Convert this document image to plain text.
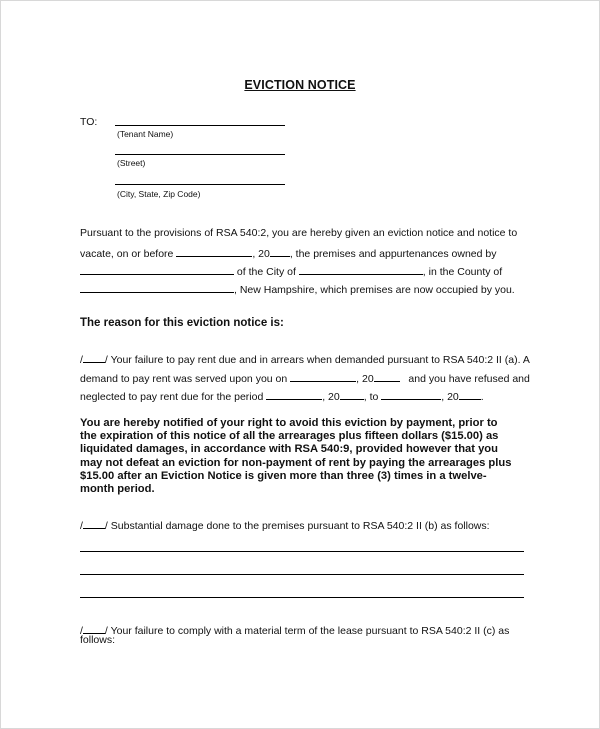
EVICTION NOTICE
TO:
(Tenant Name)
(Street)
(City, State, Zip Code)
Pursuant to the provisions of RSA 540:2, you are hereby given an eviction notice and notice to
vacate, on or before	, 20 , the premises and appurtenances owned by
of the City of	, in the County of
, New Hampshire, which premises are now occupied by you.
The reason for this eviction notice is:
/ / Your failure to pay rent due and in arrears when demanded pursuant to RSA 540:2 II (a). A
demand to pay rent was served upon you on	, 20	and you have refused and
neglected to pay rent due for the period	, 20 , to	, 20 .
You are hereby notified of your right to avoid this eviction by payment, prior to
the expiration of this notice of all the arrearages plus fifteen dollars ($15.00) as
liquidated damages, in accordance with RSA 540:9, provided however that you
may not defeat an eviction for non-payment of rent by paying the arrearages plus
$15.00 after an Eviction Notice is given more than three (3) times in a twelve-
month period.
/ / Substantial damage done to the premises pursuant to RSA 540:2 II (b) as follows:
/ / Your failure to comply with a material term of the lease pursuant to RSA 540:2 II (c) as
follows:
